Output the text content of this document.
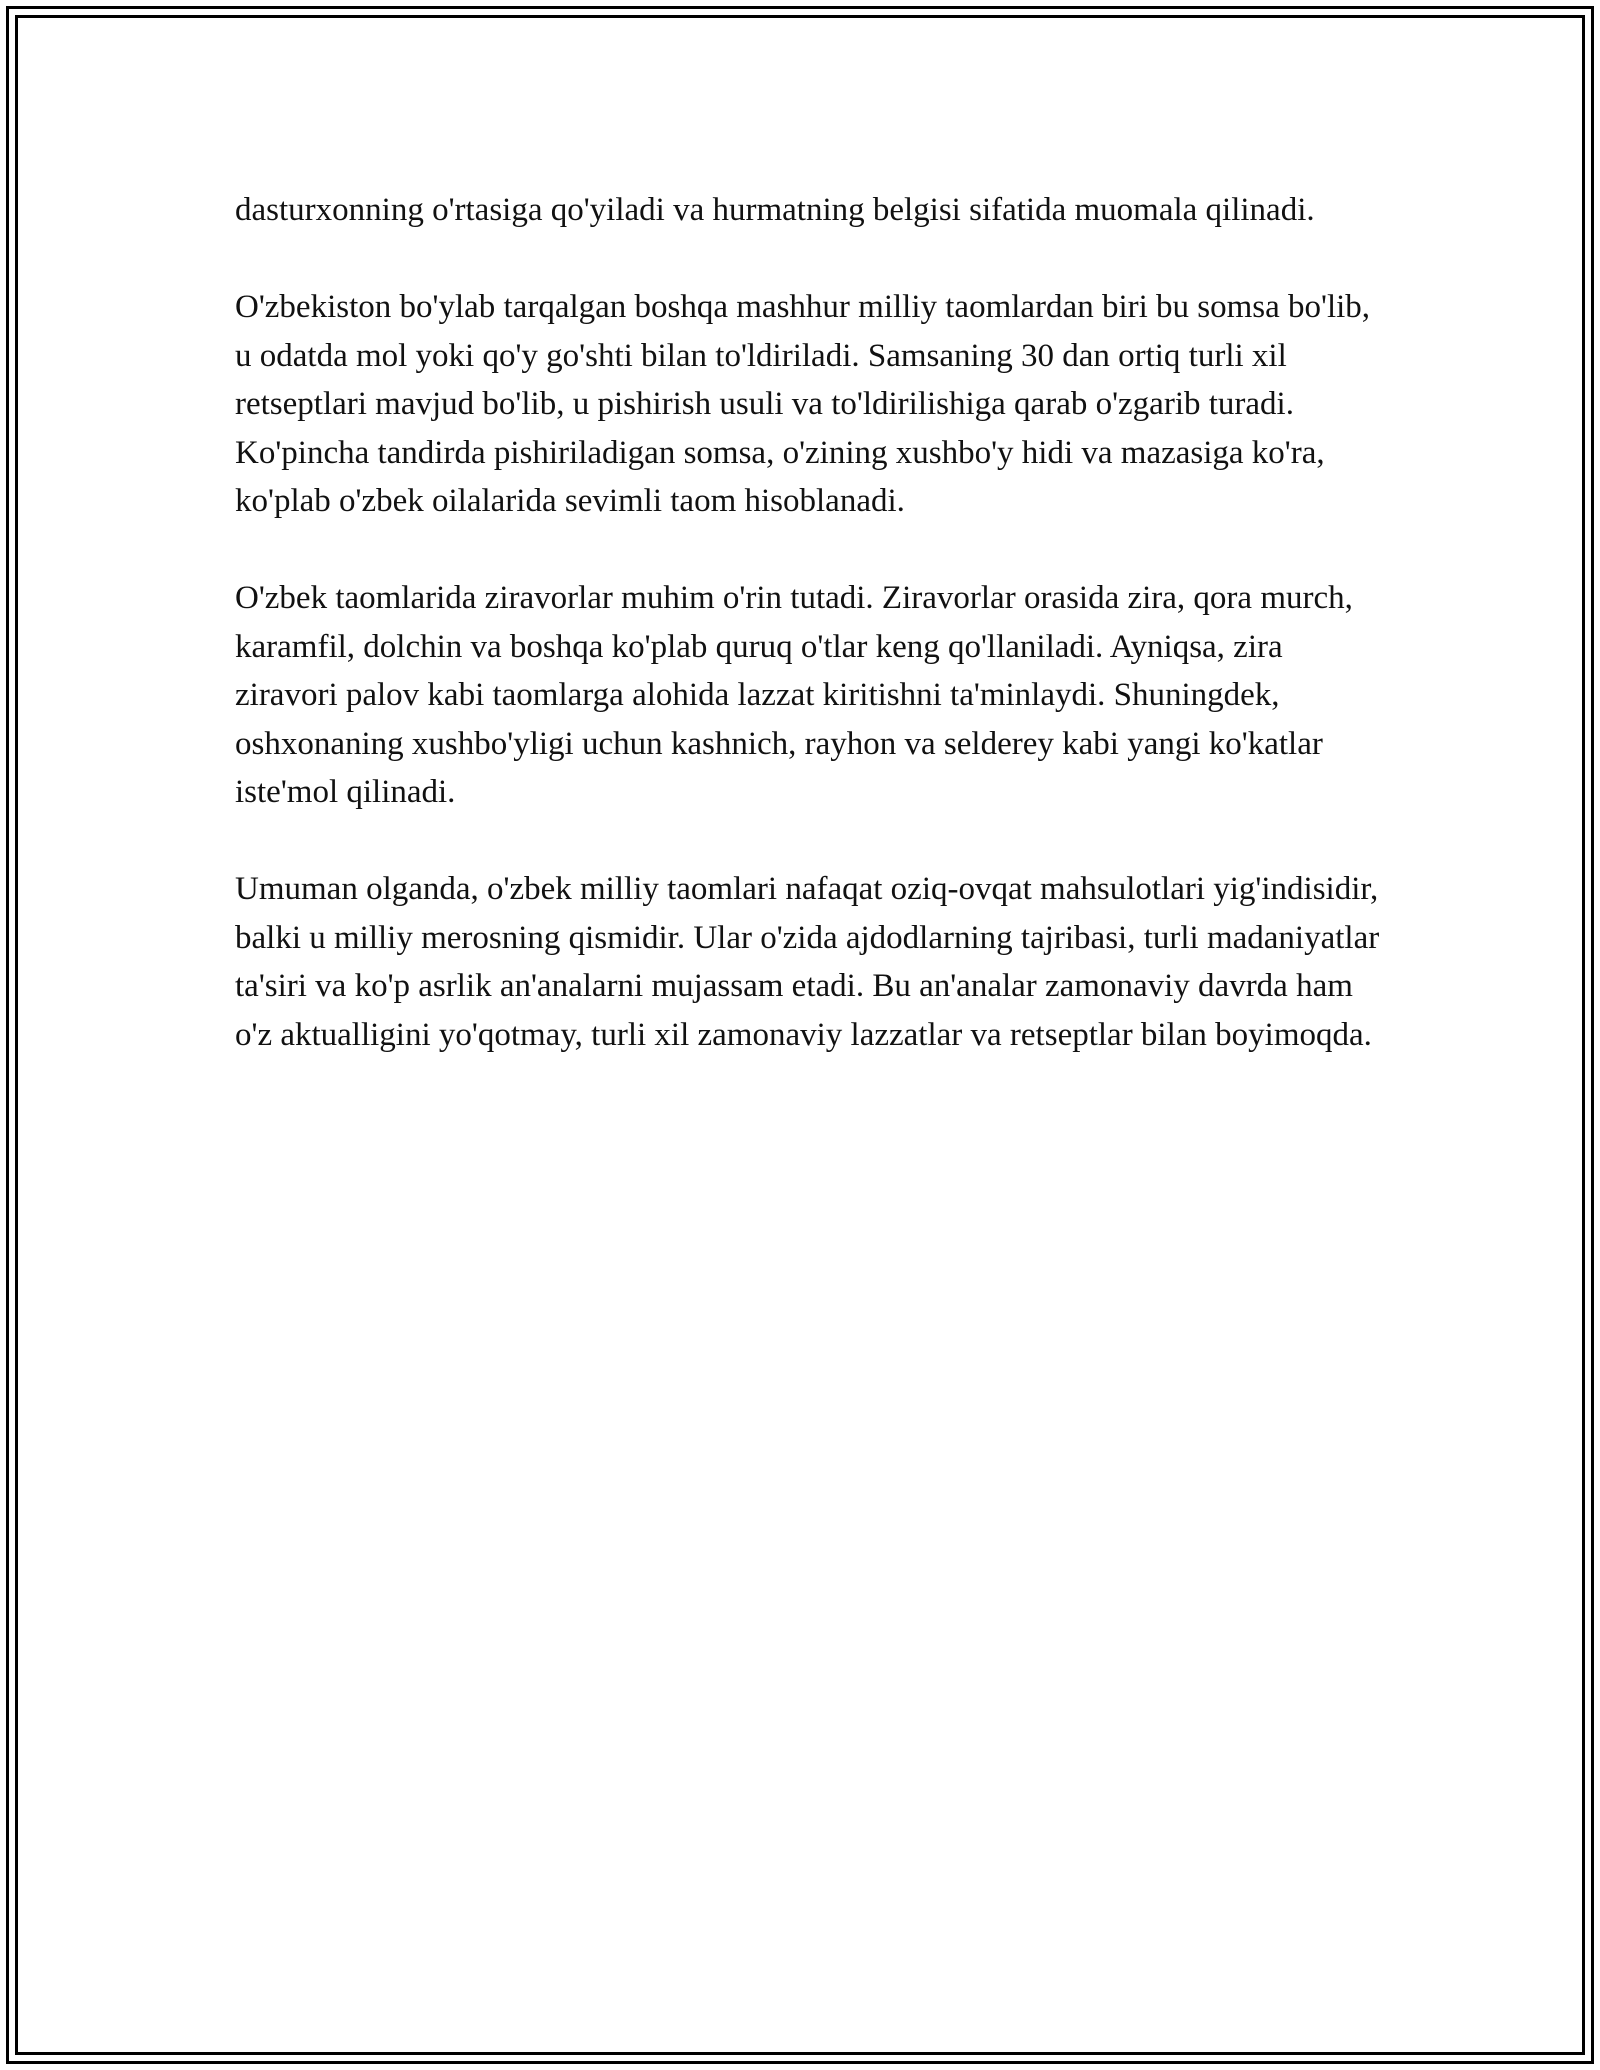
dasturxonning o'rtasiga qo'yiladi va hurmatning belgisi sifatida muomala qilinadi.

O'zbekiston bo'ylab tarqalgan boshqa mashhur milliy taomlardan biri bu somsa bo'lib, u odatda mol yoki qo'y go'shti bilan to'ldiriladi. Samsaning 30 dan ortiq turli xil retseptlari mavjud bo'lib, u pishirish usuli va to'ldirilishiga qarab o'zgarib turadi. Ko'pincha tandirda pishiriladigan somsa, o'zining xushbo'y hidi va mazasiga ko'ra, ko'plab o'zbek oilalarida sevimli taom hisoblanadi.

O'zbek taomlarida ziravorlar muhim o'rin tutadi. Ziravorlar orasida zira, qora murch, karamfil, dolchin va boshqa ko'plab quruq o'tlar keng qo'llaniladi. Ayniqsa, zira ziravori palov kabi taomlarga alohida lazzat kiritishni ta'minlaydi. Shuningdek, oshxonaning xushbo'yligi uchun kashnich, rayhon va selderey kabi yangi ko'katlar iste'mol qilinadi.

Umuman olganda, o'zbek milliy taomlari nafaqat oziq-ovqat mahsulotlari yig'indisidir, balki u milliy merosning qismidir. Ular o'zida ajdodlarning tajribasi, turli madaniyatlar ta'siri va ko'p asrlik an'analarni mujassam etadi. Bu an'analar zamonaviy davrda ham o'z aktualligini yo'qotmay, turli xil zamonaviy lazzatlar va retseptlar bilan boyimoqda.
